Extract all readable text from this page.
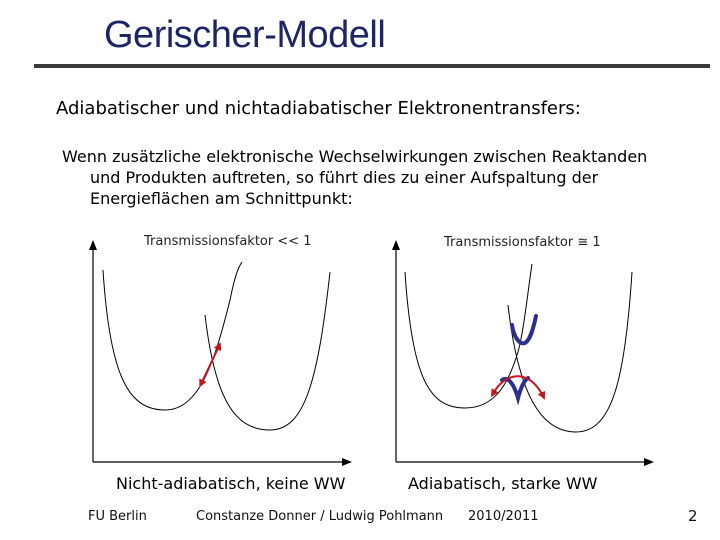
Gerischer-Modell
Adiabatischer und nichtadiabatischer Elektronentransfers:
Wenn zusätzliche elektronische Wechselwirkungen zwischen Reaktanden und Produkten auftreten, so führt dies zu einer Aufspaltung der Energieflächen am Schnittpunkt:
Transmissionsfaktor << 1	Transmissionsfaktor ≅ 1
Nicht-adiabatisch, keine WW	Adiabatisch, starke WW
FU Berlin	Constanze Donner / Ludwig Pohlmann 2010/2011	2
